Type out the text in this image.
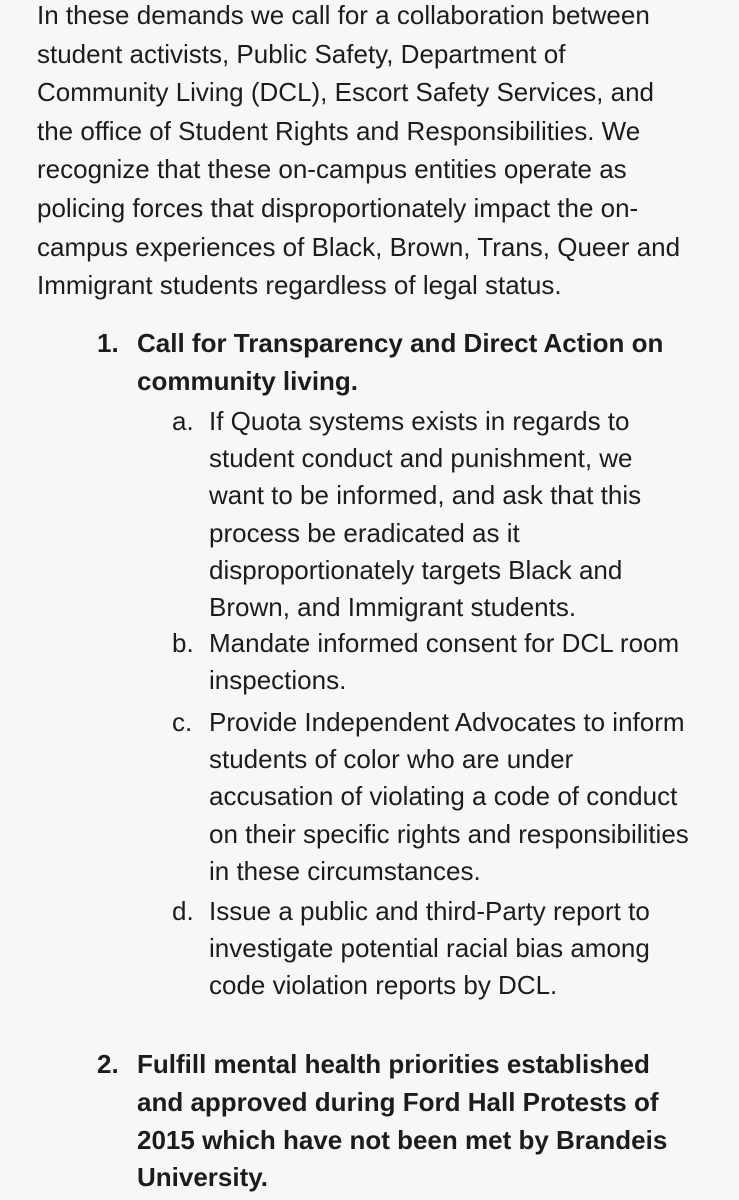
In these demands we call for a collaboration between
student activists, Public Safety, Department of
Community Living (DCL), Escort Safety Services, and
the office of Student Rights and Responsibilities. We
recognize that these on-campus entities operate as
policing forces that disproportionately impact the on-
campus experiences of Black, Brown, Trans, Queer and
Immigrant students regardless of legal status.

1. Call for Transparency and Direct Action on
community living.

a. If Quota systems exists in regards to
student conduct and punishment, we
want to be informed, and ask that this
process be eradicated as it
disproportionately targets Black and
Brown, and Immigrant students.

b. Mandate informed consent for DCL room
inspections.

c. Provide Independent Advocates to inform
students of color who are under
accusation of violating a code of conduct
on their specific rights and responsibilities
in these circumstances.

d. Issue a public and third-Party report to
investigate potential racial bias among
code violation reports by DCL.

2. Fulfill mental health priorities established
and approved during Ford Hall Protests of
2015 which have not been met by Brandeis
University.
